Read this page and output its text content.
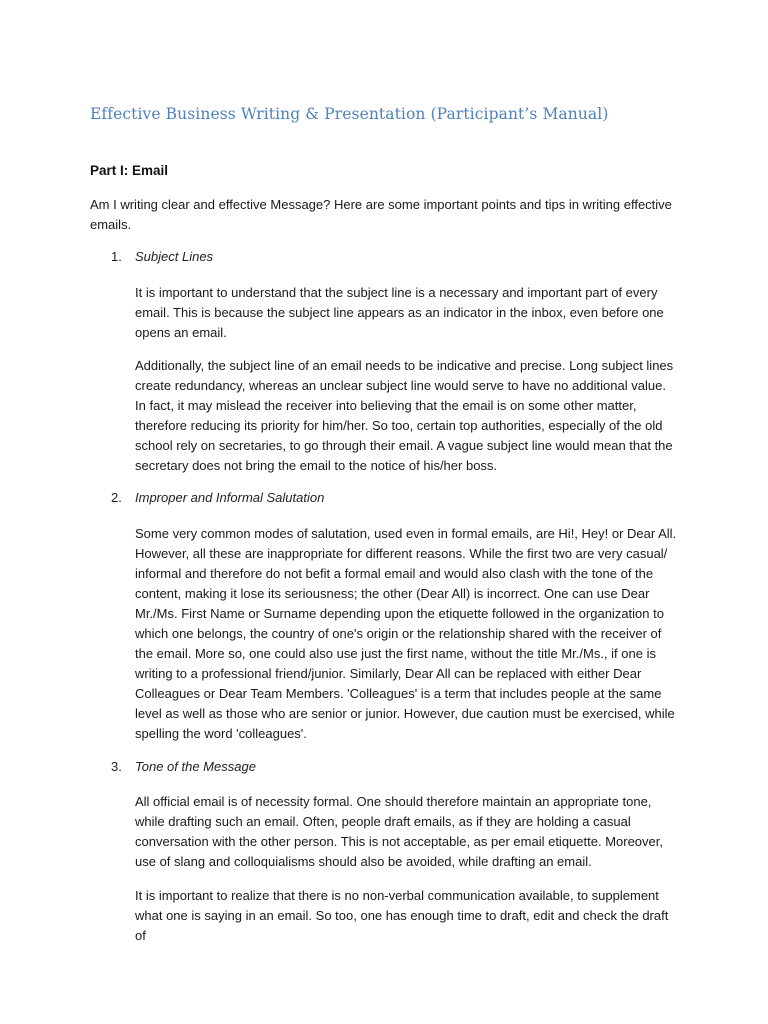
Effective Business Writing & Presentation (Participant’s Manual)
Part I: Email

Am I writing clear and effective Message? Here are some important points and tips in writing effective emails.

1. Subject Lines

It is important to understand that the subject line is a necessary and important part of every email. This is because the subject line appears as an indicator in the inbox, even before one opens an email.

Additionally, the subject line of an email needs to be indicative and precise. Long subject lines create redundancy, whereas an unclear subject line would serve to have no additional value. In fact, it may mislead the receiver into believing that the email is on some other matter, therefore reducing its priority for him/her. So too, certain top authorities, especially of the old school rely on secretaries, to go through their email. A vague subject line would mean that the secretary does not bring the email to the notice of his/her boss.

2. Improper and Informal Salutation

Some very common modes of salutation, used even in formal emails, are Hi!, Hey! or Dear All. However, all these are inappropriate for different reasons. While the first two are very casual/ informal and therefore do not befit a formal email and would also clash with the tone of the content, making it lose its seriousness; the other (Dear All) is incorrect. One can use Dear Mr./Ms. First Name or Surname depending upon the etiquette followed in the organization to which one belongs, the country of one's origin or the relationship shared with the receiver of the email. More so, one could also use just the first name, without the title Mr./Ms., if one is writing to a professional friend/junior. Similarly, Dear All can be replaced with either Dear Colleagues or Dear Team Members. 'Colleagues' is a term that includes people at the same level as well as those who are senior or junior. However, due caution must be exercised, while spelling the word 'colleagues'.

3. Tone of the Message

All official email is of necessity formal. One should therefore maintain an appropriate tone, while drafting such an email. Often, people draft emails, as if they are holding a casual conversation with the other person. This is not acceptable, as per email etiquette. Moreover, use of slang and colloquialisms should also be avoided, while drafting an email.

It is important to realize that there is no non-verbal communication available, to supplement what one is saying in an email. So too, one has enough time to draft, edit and check the draft of
